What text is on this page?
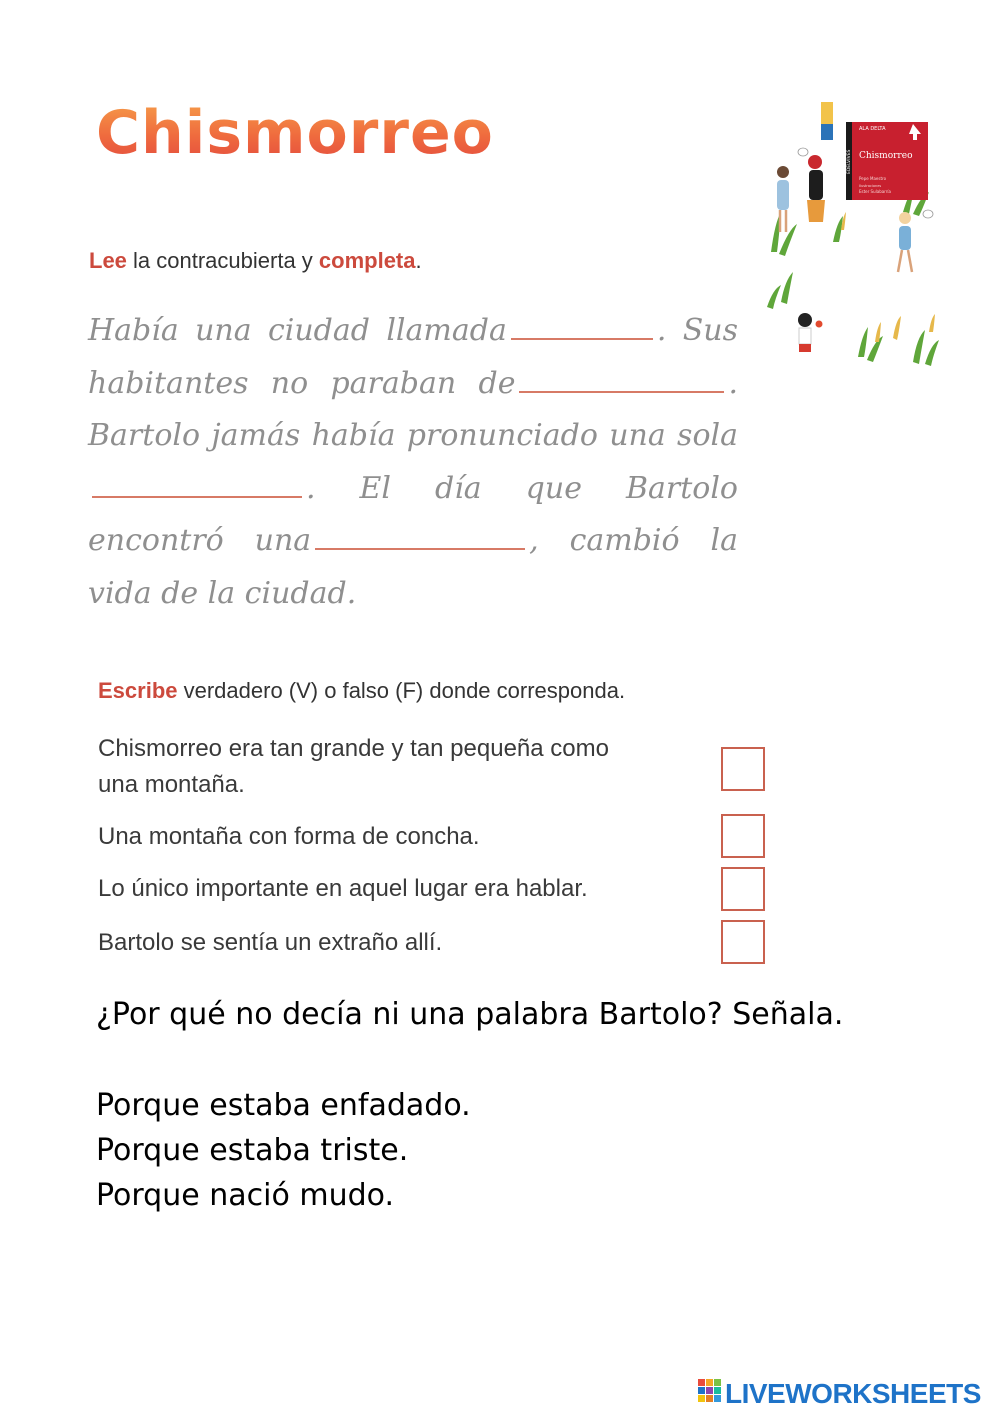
Chismorreo
Lee la contracubierta y completa.
Había una ciudad llamada	. Sus habitantes no paraban de	. Bartolo jamás había pronunciado una sola. El día que Bartolo encontró una	, cambió la vida de la ciudad.
ALA DELTA
EDELVIVES Chismorreo
Pepe Maestro
Ilustraciones
Ester Sulabarría
Escribe verdadero (V) o falso (F) donde corresponda.
Chismorreo era tan grande y tan pequeña como
una montaña.
Una montaña con forma de concha.
Lo único importante en aquel lugar era hablar.
Bartolo se sentía un extraño allí.
¿Por qué no decía ni una palabra Bartolo? Señala.
Porque estaba enfadado.
Porque estaba triste.
Porque nació mudo.
LIVEWORKSHEETS
